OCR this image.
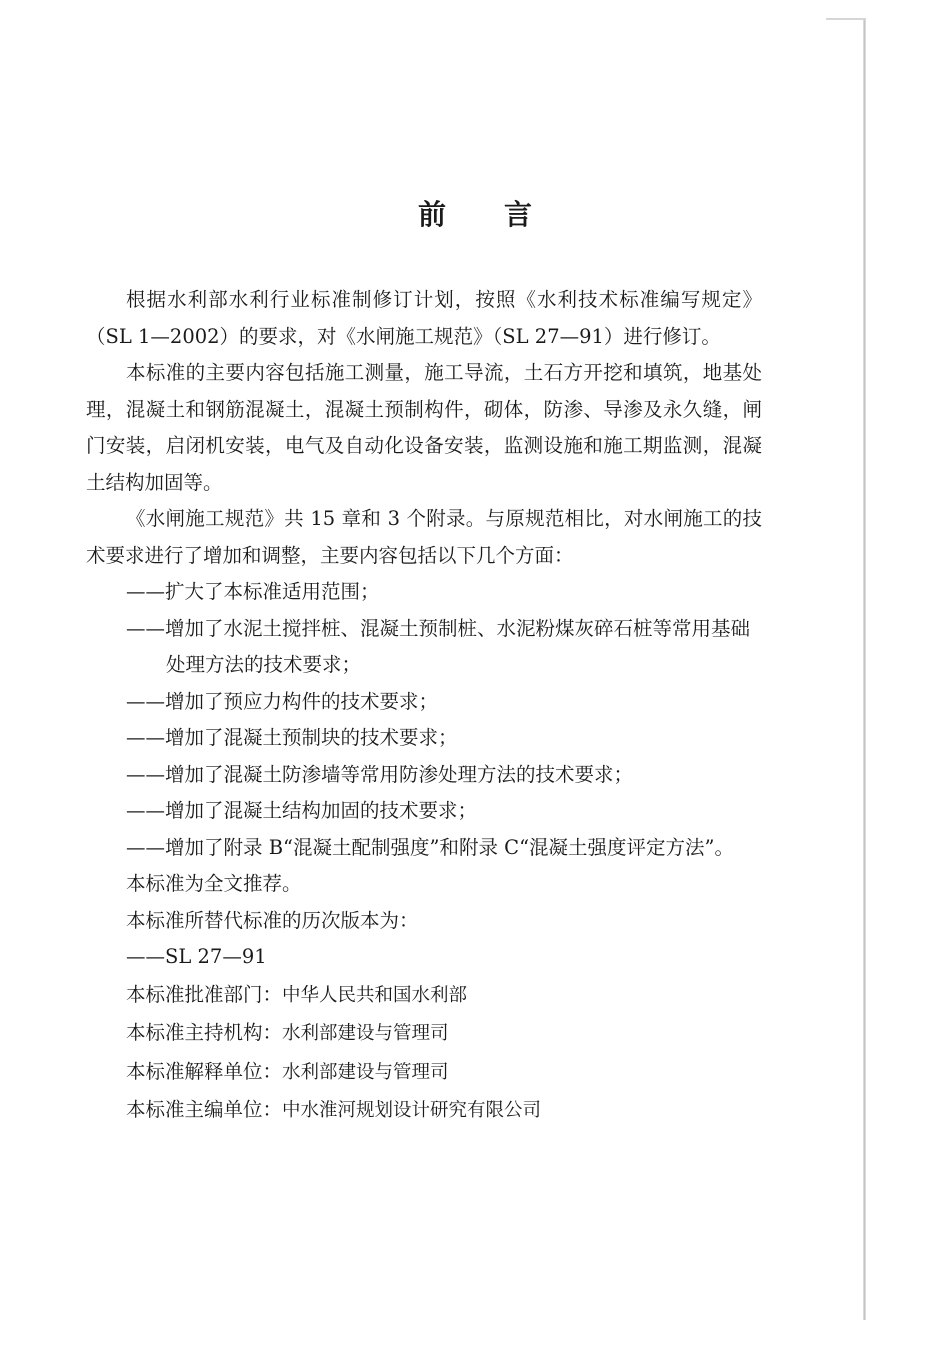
前 言

根据水利部水利行业标准制修订计划，按照《水利技术标准编写规定》（SL 1—2002）的要求，对《水闸施工规范》（SL 27—91）进行修订。

本标准的主要内容包括施工测量，施工导流，土石方开挖和填筑，地基处理，混凝土和钢筋混凝土，混凝土预制构件，砌体，防渗、导渗及永久缝，闸门安装，启闭机安装，电气及自动化设备安装，监测设施和施工期监测，混凝土结构加固等。

《水闸施工规范》共 15 章和 3 个附录。与原规范相比，对水闸施工的技术要求进行了增加和调整，主要内容包括以下几个方面：

——扩大了本标准适用范围；

——增加了水泥土搅拌桩、混凝土预制桩、水泥粉煤灰碎石桩等常用基础处理方法的技术要求；

——增加了预应力构件的技术要求；

——增加了混凝土预制块的技术要求；

——增加了混凝土防渗墙等常用防渗处理方法的技术要求；

——增加了混凝土结构加固的技术要求；

——增加了附录 B“混凝土配制强度”和附录 C“混凝土强度评定方法”。

本标准为全文推荐。

本标准所替代标准的历次版本为：

——SL 27—91

本标准批准部门：中华人民共和国水利部

本标准主持机构：水利部建设与管理司

本标准解释单位：水利部建设与管理司

本标准主编单位：中水淮河规划设计研究有限公司
